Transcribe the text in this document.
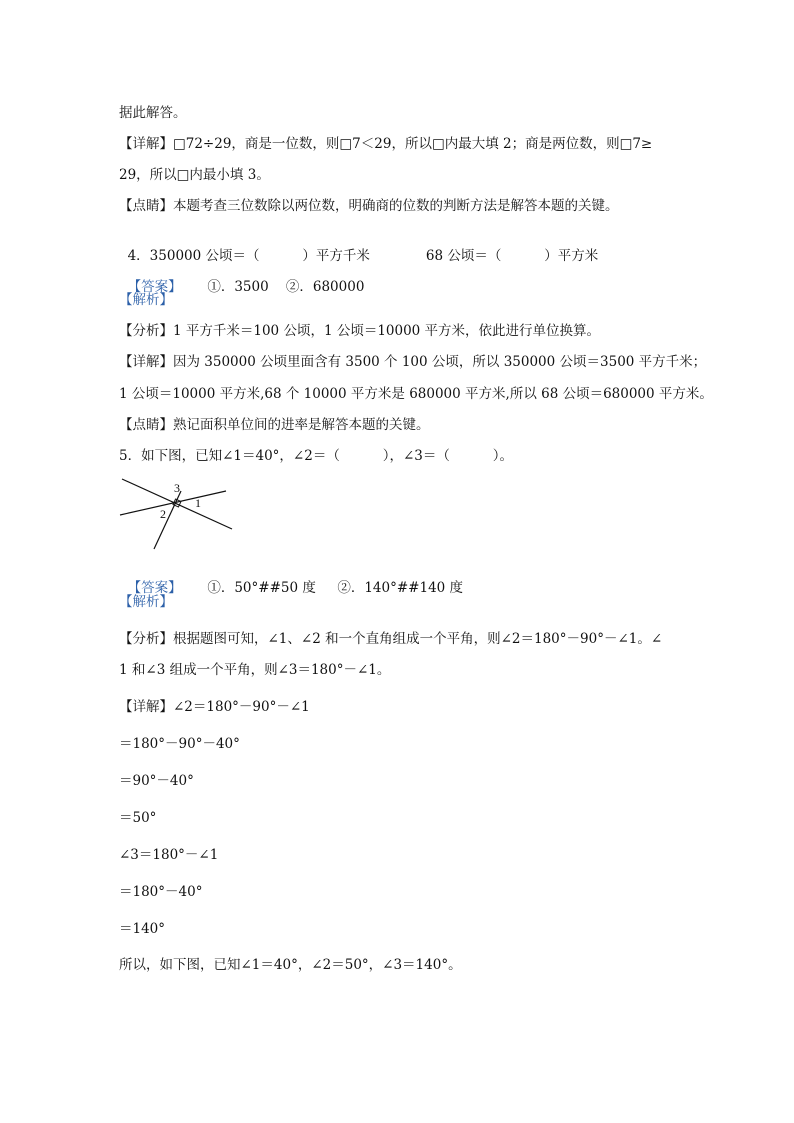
据此解答。
【详解】□72÷29，商是一位数，则□7＜29，所以□内最大填 2；商是两位数，则□7≥
29，所以□内最小填 3。
【点睛】本题考查三位数除以两位数，明确商的位数的判断方法是解答本题的关键。

4．350000 公顷＝（          ）平方千米	68 公顷＝（          ）平方米

【答案】 ①．3500 ②．680000

【解析】
【分析】1 平方千米＝100 公顷，1 公顷＝10000 平方米，依此进行单位换算。
【详解】因为 350000 公顷里面含有 3500 个 100 公顷，所以 350000 公顷＝3500 平方千米；
1 公顷＝10000 平方米,68 个 10000 平方米是 680000 平方米,所以 68 公顷＝680000 平方米。
【点睛】熟记面积单位间的进率是解答本题的关键。
5．如下图，已知∠1＝40°，∠2＝（          ），∠3＝（          ）。
3
2
1

【答案】 ①．50°##50 度 ②．140°##140 度

【解析】
【分析】根据题图可知，∠1、∠2 和一个直角组成一个平角，则∠2＝180°－90°－∠1。∠
1 和∠3 组成一个平角，则∠3＝180°－∠1。
【详解】∠2＝180°－90°－∠1
＝180°－90°－40°
＝90°－40°
＝50°
∠3＝180°－∠1
＝180°－40°
＝140°
所以，如下图，已知∠1＝40°，∠2＝50°，∠3＝140°。
